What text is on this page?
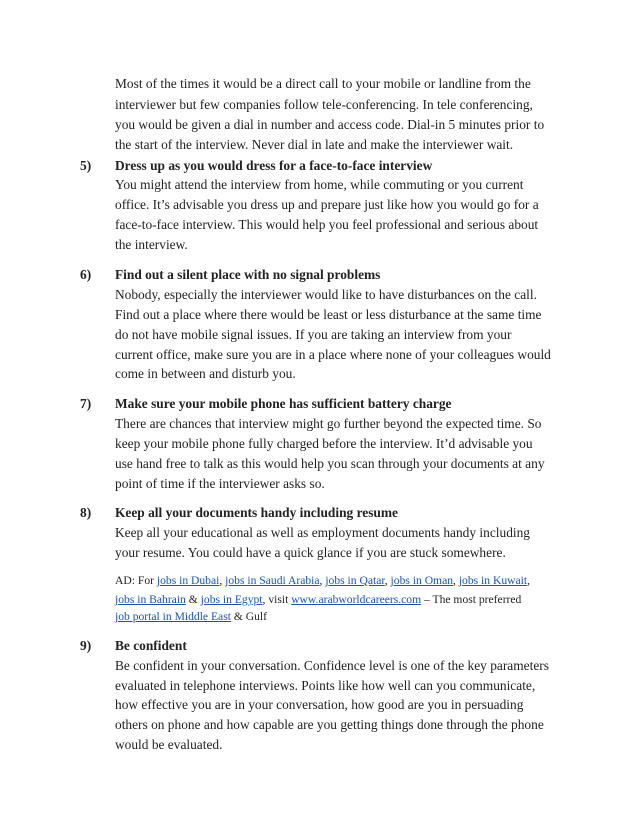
Most of the times it would be a direct call to your mobile or landline from the
interviewer but few companies follow tele-conferencing. In tele conferencing,
you would be given a dial in number and access code. Dial-in 5 minutes prior to
the start of the interview. Never dial in late and make the interviewer wait.
5) Dress up as you would dress for a face-to-face interview
You might attend the interview from home, while commuting or you current
office. It’s advisable you dress up and prepare just like how you would go for a
face-to-face interview. This would help you feel professional and serious about
the interview.
6) Find out a silent place with no signal problems
Nobody, especially the interviewer would like to have disturbances on the call.
Find out a place where there would be least or less disturbance at the same time
do not have mobile signal issues. If you are taking an interview from your
current office, make sure you are in a place where none of your colleagues would
come in between and disturb you.
7) Make sure your mobile phone has sufficient battery charge
There are chances that interview might go further beyond the expected time. So
keep your mobile phone fully charged before the interview. It’d advisable you
use hand free to talk as this would help you scan through your documents at any
point of time if the interviewer asks so.
8) Keep all your documents handy including resume
Keep all your educational as well as employment documents handy including
your resume. You could have a quick glance if you are stuck somewhere.
AD: For jobs in Dubai, jobs in Saudi Arabia, jobs in Qatar, jobs in Oman, jobs in Kuwait,
jobs in Bahrain & jobs in Egypt, visit www.arabworldcareers.com – The most preferred
job portal in Middle East & Gulf
9) Be confident
Be confident in your conversation. Confidence level is one of the key parameters
evaluated in telephone interviews. Points like how well can you communicate,
how effective you are in your conversation, how good are you in persuading
others on phone and how capable are you getting things done through the phone
would be evaluated.
